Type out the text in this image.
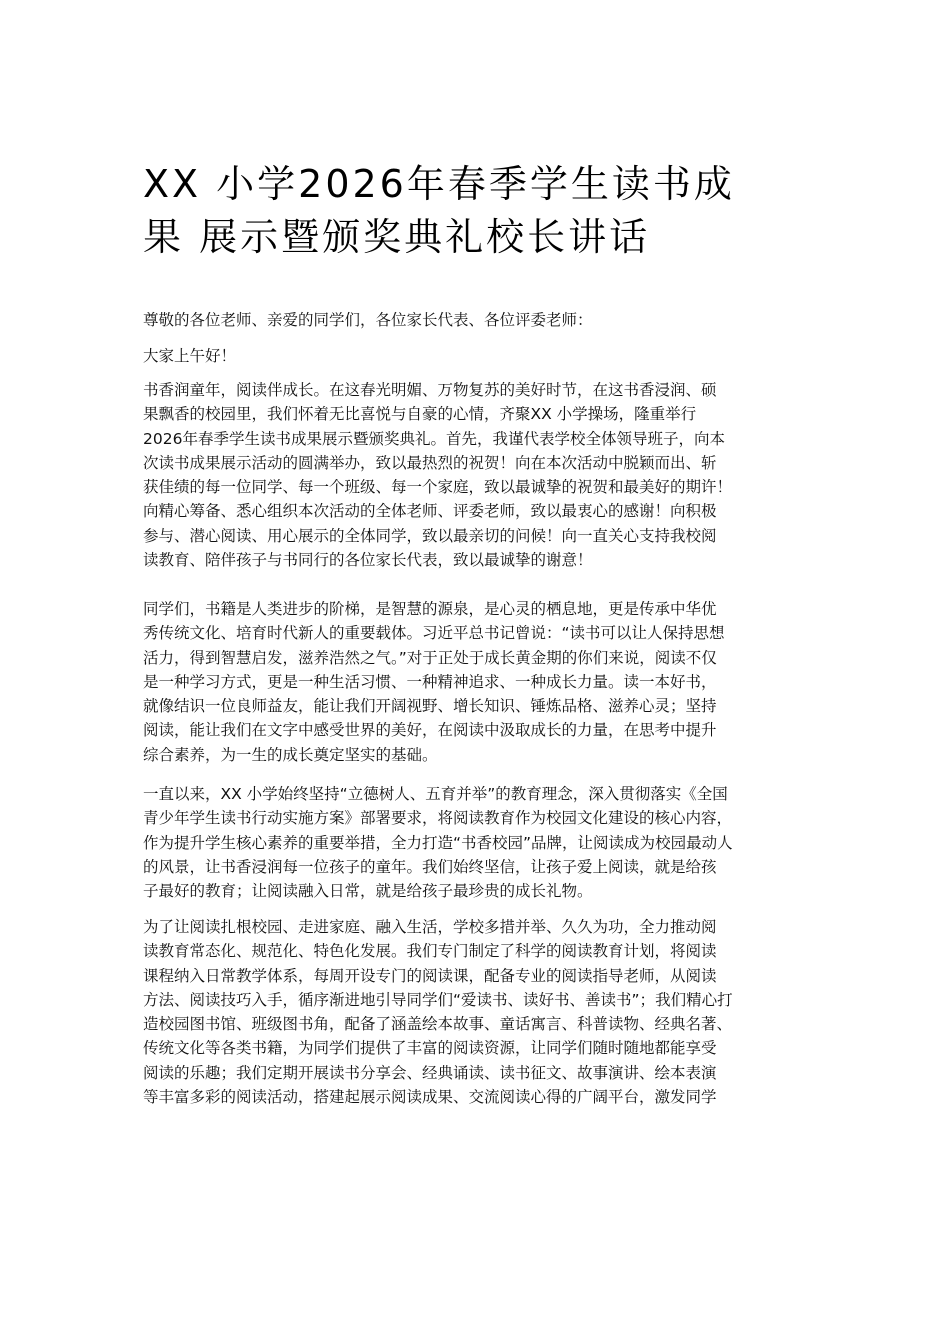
XX 小学2026年春季学生读书成
果 展示暨颁奖典礼校长讲话

尊敬的各位老师、亲爱的同学们，各位家长代表、各位评委老师：

大家上午好！

书香润童年，阅读伴成长。在这春光明媚、万物复苏的美好时节，在这书香浸润、硕
果飘香的校园里，我们怀着无比喜悦与自豪的心情，齐聚XX 小学操场，隆重举行
2026年春季学生读书成果展示暨颁奖典礼。首先，我谨代表学校全体领导班子，向本
次读书成果展示活动的圆满举办，致以最热烈的祝贺！向在本次活动中脱颖而出、斩
获佳绩的每一位同学、每一个班级、每一个家庭，致以最诚挚的祝贺和最美好的期许！
向精心筹备、悉心组织本次活动的全体老师、评委老师，致以最衷心的感谢！向积极
参与、潜心阅读、用心展示的全体同学，致以最亲切的问候！向一直关心支持我校阅
读教育、陪伴孩子与书同行的各位家长代表，致以最诚挚的谢意！

同学们，书籍是人类进步的阶梯，是智慧的源泉，是心灵的栖息地，更是传承中华优
秀传统文化、培育时代新人的重要载体。习近平总书记曾说：“读书可以让人保持思想
活力，得到智慧启发，滋养浩然之气。”对于正处于成长黄金期的你们来说，阅读不仅
是一种学习方式，更是一种生活习惯、一种精神追求、一种成长力量。读一本好书，
就像结识一位良师益友，能让我们开阔视野、增长知识、锤炼品格、滋养心灵；坚持
阅读，能让我们在文字中感受世界的美好，在阅读中汲取成长的力量，在思考中提升
综合素养，为一生的成长奠定坚实的基础。

一直以来，XX 小学始终坚持“立德树人、五育并举”的教育理念，深入贯彻落实《全国
青少年学生读书行动实施方案》部署要求，将阅读教育作为校园文化建设的核心内容，
作为提升学生核心素养的重要举措，全力打造“书香校园”品牌，让阅读成为校园最动人
的风景，让书香浸润每一位孩子的童年。我们始终坚信，让孩子爱上阅读，就是给孩
子最好的教育；让阅读融入日常，就是给孩子最珍贵的成长礼物。

为了让阅读扎根校园、走进家庭、融入生活，学校多措并举、久久为功，全力推动阅
读教育常态化、规范化、特色化发展。我们专门制定了科学的阅读教育计划，将阅读
课程纳入日常教学体系，每周开设专门的阅读课，配备专业的阅读指导老师，从阅读
方法、阅读技巧入手，循序渐进地引导同学们“爱读书、读好书、善读书”；我们精心打
造校园图书馆、班级图书角，配备了涵盖绘本故事、童话寓言、科普读物、经典名著、
传统文化等各类书籍，为同学们提供了丰富的阅读资源，让同学们随时随地都能享受
阅读的乐趣；我们定期开展读书分享会、经典诵读、读书征文、故事演讲、绘本表演
等丰富多彩的阅读活动，搭建起展示阅读成果、交流阅读心得的广阔平台，激发同学
